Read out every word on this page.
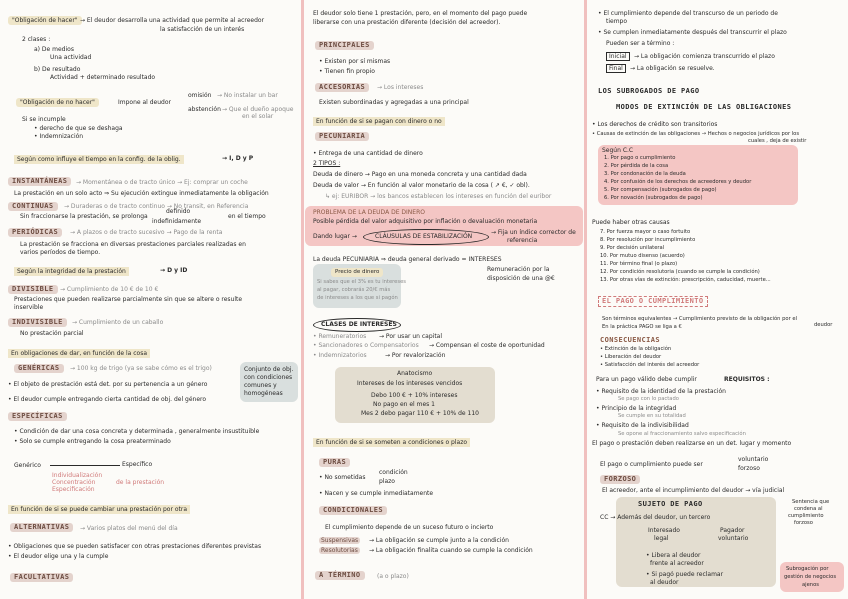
"Obligación de hacer" → El deudor desarrolla una actividad que permite al acreedor
la satisfacción de un interés
2 clases :
a) De medios
Una actividad
b) De resultado
Actividad + determinado resultado
"Obligación de no hacer"	Impone al deudor
omisión → No instalar un bar
abstención → Que el dueño apoque
en el solar
Si se incumple
• derecho de que se deshaga
• Indemnización
Según como influye el tiempo en la config. de la oblig.	→ I, D y P
INSTANTÁNEAS	→ Momentánea o de tracto único → Ej: comprar un coche
La prestación en un solo acto ⇒ Su ejecución extingue inmediatamente la obligación
CONTINUAS	→ Duraderas o de tracto continuo → No transit, en Referencia
Sin fraccionarse la prestación, se prolonga
definido
indefinidamente
en el tiempo
PERIÓDICAS	→ A plazos o de tracto sucesivo → Pago de la renta
La prestación se fracciona en diversas prestaciones parciales realizadas en
varios períodos de tiempo.
Según la integridad de la prestación	→ D y ID
DIVISIBLE	→ Cumplimiento de 10 € de 10 €
Prestaciones que pueden realizarse parcialmente sin que se altere o resulte
inservible
INDIVISIBLE	→ Cumplimiento de un caballo
No prestación parcial
En obligaciones de dar, en función de la cosa
GENÉRICAS	→ 100 kg de trigo (ya se sabe cómo es el trigo)
• El objeto de prestación está det. por su pertenencia a un género
• El deudor cumple entregando cierta cantidad de obj. del género
Conjunto de obj.
con condiciones
comunes y
homogéneas
ESPECÍFICAS
• Condición de dar una cosa concreta y determinada , generalmente insustituible
• Solo se cumple entregando la cosa preaterminado
Genérico	Específico
Individualización
Concentración
Especificación
de la prestación
En función de si se puede cambiar una prestación por otra
ALTERNATIVAS	→ Varios platos del menú del día
• Obligaciones que se pueden satisfacer con otras prestaciones diferentes previstas
• El deudor elige una y la cumple
FACULTATIVAS
El deudor solo tiene 1 prestación, pero, en el momento del pago puede
liberarse con una prestación diferente (decisión del acreedor).
PRINCIPALES
• Existen por sí mismas
• Tienen fin propio
ACCESORIAS	→ Los intereses
Existen subordinadas y agregadas a una principal
En función de si se pagan con dinero o no
PECUNIARIA
• Entrega de una cantidad de dinero
2 TIPOS :
Deuda de dinero → Pago en una moneda concreta y una cantidad dada
Deuda de valor → En función al valor monetario de la cosa ( ↗ €, ✓ obl).
↳ ej: EURIBOR → los bancos establecen los intereses en función del euribor
PROBLEMA DE LA DEUDA DE DINERO
Posible pérdida del valor adquisitivo por inflación o devaluación monetaria
Dando lugar →	CLÁUSULAS DE ESTABILIZACIÓN
→ Fija un índice corrector de
referencia
La deuda PECUNIARIA ⇒ deuda general derivado = INTERESES
Remuneración por la
disposición de una @€
Precio de dinero
Si sabes que el 3% es tu intereses
al pagar, cobrarás 20/€ más
de intereses a los que si pagón
CLASES DE INTERESES
• Remuneratorios → Por usar un capital
• Sancionadores o Compensatorios → Compensan el coste de oportunidad
• Indemnizatorios	→ Por revalorización
Anatocismo
Intereses de los intereses vencidos
Debo 100 € + 10% intereses
No pago en el mes 1
Mes 2 debo pagar 110 € + 10% de 110
En función de si se someten a condiciones o plazo
PURAS
• No sometidas
condición
plazo
• Nacen y se cumple inmediatamente
CONDICIONALES
El cumplimiento depende de un suceso futuro o incierto
Suspensivas	→ La obligación se cumple junto a la condición
Resolutorias	→ La obligación finalita cuando se cumple la condición
A TÉRMINO	(a o plazo)
• El cumplimiento depende del transcurso de un periodo de
tiempo
• Se cumplen inmediatamente después del transcurrir el plazo
Pueden ser a término :
Inicial	→ La obligación comienza transcurrido el plazo
Final	→ La obligación se resuelve.
LOS SUBROGADOS DE PAGO
MODOS DE EXTINCIÓN DE LAS OBLIGACIONES
• Los derechos de crédito son transitorios
• Causas de extinción de las obligaciones → Hechos o negocios jurídicos por los
cuales , deja de existir
Según C.C
1. Por pago o cumplimiento
2. Por pérdida de la cosa
3. Por condonación de la deuda
4. Por confusión de los derechos de acreedores y deudor
5. Por compensación (subrogados de pago)
6. Por novación (subrogados de pago)
Puede haber otras causas
7. Por fuerza mayor o caso fortuito
8. Por resolución por incumplimiento
9. Por decisión unilateral
10. Por mutuo disenso (acuerdo)
11. Por término final (o plazo)
12. Por condición resolutoria (cuando se cumple la condición)
13. Por otras vías de extinción: prescripción, caducidad, muerte...
EL PAGO O CUMPLIMIENTO
Son términos equivalentes → Cumplimiento previsto de la obligación por el
En la práctica PAGO se liga a €	deudor
CONSECUENCIAS
• Extinción de la obligación
• Liberación del deudor
• Satisfacción del interés del acreedor
Para un pago válido debe cumplir	REQUISITOS :
• Requisito de la identidad de la prestación
Se pago con lo pactado
• Principio de la integridad
Se cumple en su totalidad
• Requisito de la indivisibilidad
Se opone al fraccionamiento salvo especificación
El pago o prestación deben realizarse en un det. lugar y momento
El pago o cumplimiento puede ser
voluntario
forzoso
FORZOSO
El acreedor, ante el incumplimiento del deudor → vía judicial
Sentencia que
condena al
cumplimiento
forzoso
SUJETO DE PAGO
CC → Además del deudor, un tercero
Interesado
legal
Pagador
voluntario
• Libera al deudor
frente al acreedor
• Si pagó puede reclamar
al deudor
Subrogación por
gestión de negocios
ajenos
